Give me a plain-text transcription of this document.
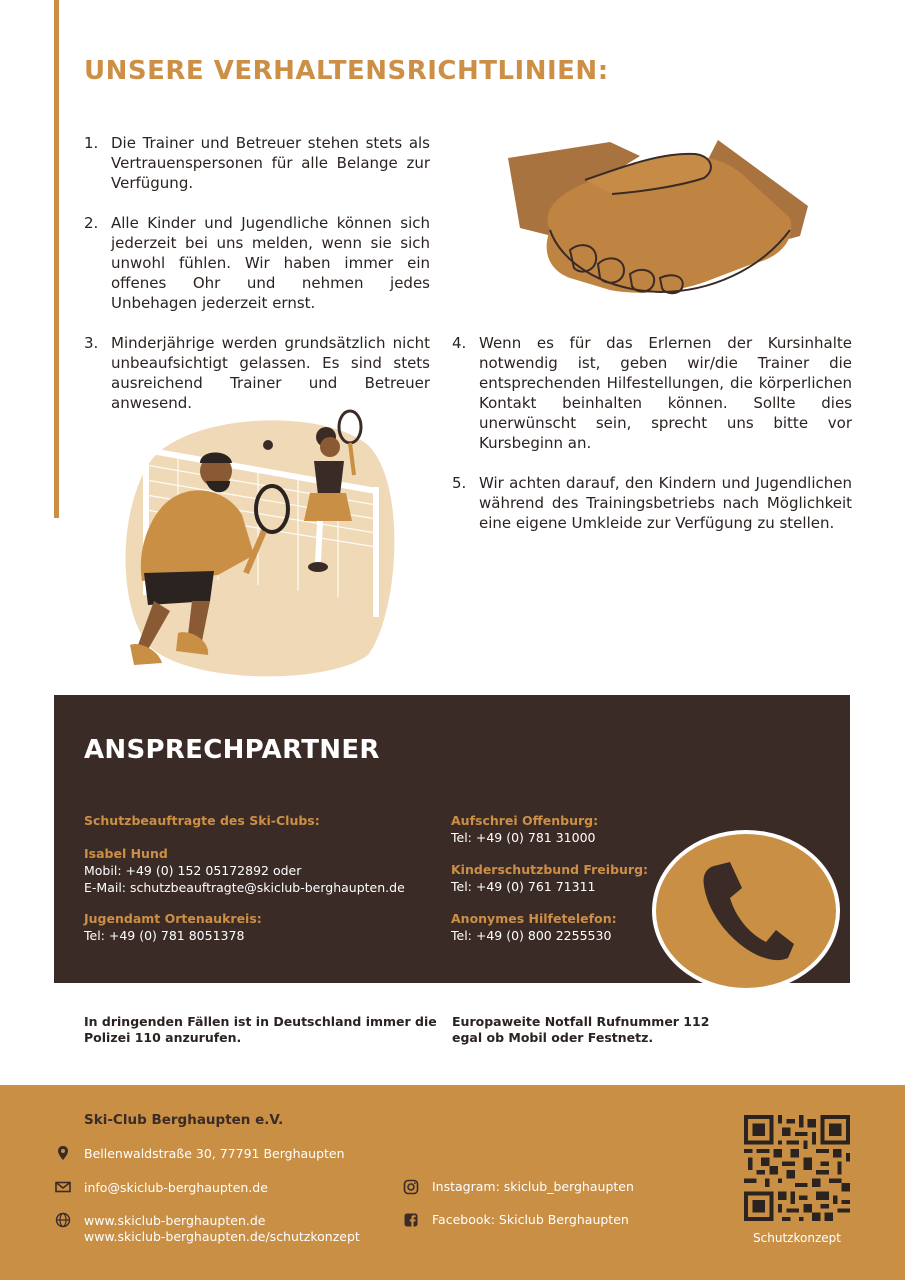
UNSERE VERHALTENSRICHTLINIEN:
1. Die Trainer und Betreuer stehen stets als Vertrauenspersonen für alle Belange zur Verfügung.
2. Alle Kinder und Jugendliche können sich jederzeit bei uns melden, wenn sie sich unwohl fühlen. Wir haben immer ein offenes Ohr und nehmen jedes Unbehagen jederzeit ernst.
3. Minderjährige werden grundsätzlich nicht unbeaufsichtigt gelassen. Es sind stets ausreichend Trainer und Betreuer anwesend.
4. Wenn es für das Erlernen der Kursinhalte notwendig ist, geben wir/die Trainer die entsprechenden Hilfestellungen, die körperlichen Kontakt beinhalten können. Sollte dies unerwünscht sein, sprecht uns bitte vor Kursbeginn an.
5. Wir achten darauf, den Kindern und Jugendlichen während des Trainingsbetriebs nach Möglichkeit eine eigene Umkleide zur Verfügung zu stellen.
ANSPRECHPARTNER
Schutzbeauftragte des Ski-Clubs:
Isabel Hund
Mobil: +49 (0) 152 05172892 oder
E-Mail: schutzbeauftragte@skiclub-berghaupten.de
Jugendamt Ortenaukreis:
Tel: +49 (0) 781 8051378
Aufschrei Offenburg:
Tel: +49 (0) 781 31000
Kinderschutzbund Freiburg:
Tel: +49 (0) 761 71311
Anonymes Hilfetelefon:
Tel: +49 (0) 800 2255530
In dringenden Fällen ist in Deutschland immer die
Polizei 110 anzurufen.
Europaweite Notfall Rufnummer 112
egal ob Mobil oder Festnetz.
Ski-Club Berghaupten e.V.
Bellenwaldstraße 30, 77791 Berghaupten
info@skiclub-berghaupten.de
www.skiclub-berghaupten.de
www.skiclub-berghaupten.de/schutzkonzept
Instagram: skiclub_berghaupten
Facebook: Skiclub Berghaupten
Schutzkonzept
